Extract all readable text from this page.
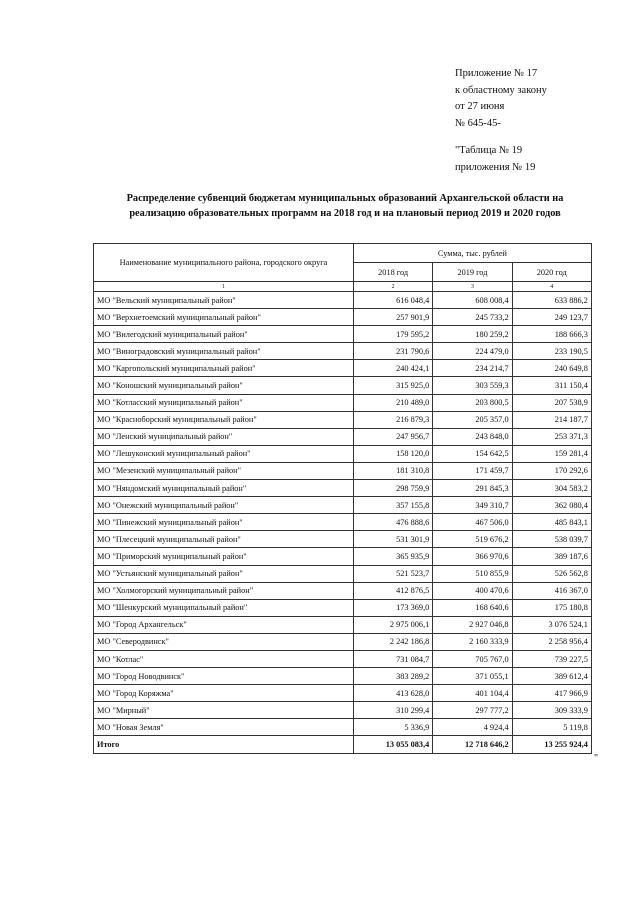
Приложение № 17
к областному закону
от 27 июня
№ 645-45-
"Таблица № 19
приложения № 19
Распределение субвенций бюджетам муниципальных образований Архангельской области на
реализацию образовательных программ на 2018 год и на плановый период 2019 и 2020 годов
Наименование муниципального района, городского округа	Сумма, тыс. рублей		
	2018 год	2019 год	2020 год
1	2	3	4
МО "Вельский муниципальный район"	616 048,4	608 008,4	633 886,2
МО "Верхнетоемский муниципальный район"	257 901,9	245 733,2	249 123,7
МО "Вилегодский муниципальный район"	179 595,2	180 259,2	188 666,3
МО "Виноградовский муниципальный район"	231 790,6	224 479,0	233 190,5
МО "Каргопольский муниципальный район"	240 424,1	234 214,7	240 649,8
МО "Коношский муниципальный район"	315 925,0	303 559,3	311 150,4
МО "Котласский муниципальный район"	210 489,0	203 800,5	207 538,9
МО "Красноборский муниципальный район"	216 879,3	205 357,0	214 187,7
МО "Ленский муниципальный район"	247 956,7	243 848,0	253 371,3
МО "Лешуконский муниципальный район"	158 120,0	154 642,5	159 281,4
МО "Мезенский муниципальный район"	181 310,8	171 459,7	170 292,6
МО "Няндомский муниципальный район"	298 759,9	291 845,3	304 583,2
МО "Онежский муниципальный район"	357 155,8	349 310,7	362 080,4
МО "Пинежский муниципальный район"	476 888,6	467 506,0	485 843,1
МО "Плесецкий муниципальный район"	531 301,9	519 676,2	538 039,7
МО "Приморский муниципальный район"	365 935,9	366 970,6	389 187,6
МО "Устьянский муниципальный район"	521 523,7	510 855,9	526 562,8
МО "Холмогорский муниципальный район"	412 876,5	400 470,6	416 367,0
МО "Шенкурский муниципальный район"	173 369,0	168 640,6	175 180,8
МО "Город Архангельск"	2 975 006,1	2 927 046,8	3 076 524,1
МО "Северодвинск"	2 242 186,8	2 160 333,9	2 258 956,4
МО "Котлас"	731 084,7	705 767,0	739 227,5
МО "Город Новодвинск"	383 289,2	371 055,1	389 612,4
МО "Город Коряжма"	413 628,0	401 104,4	417 966,9
МО "Мирный"	310 299,4	297 777,2	309 333,9
МО "Новая Земля"	5 336,9	4 924,4	5 119,8
Итого	13 055 083,4	12 718 646,2	13 255 924,4
"
